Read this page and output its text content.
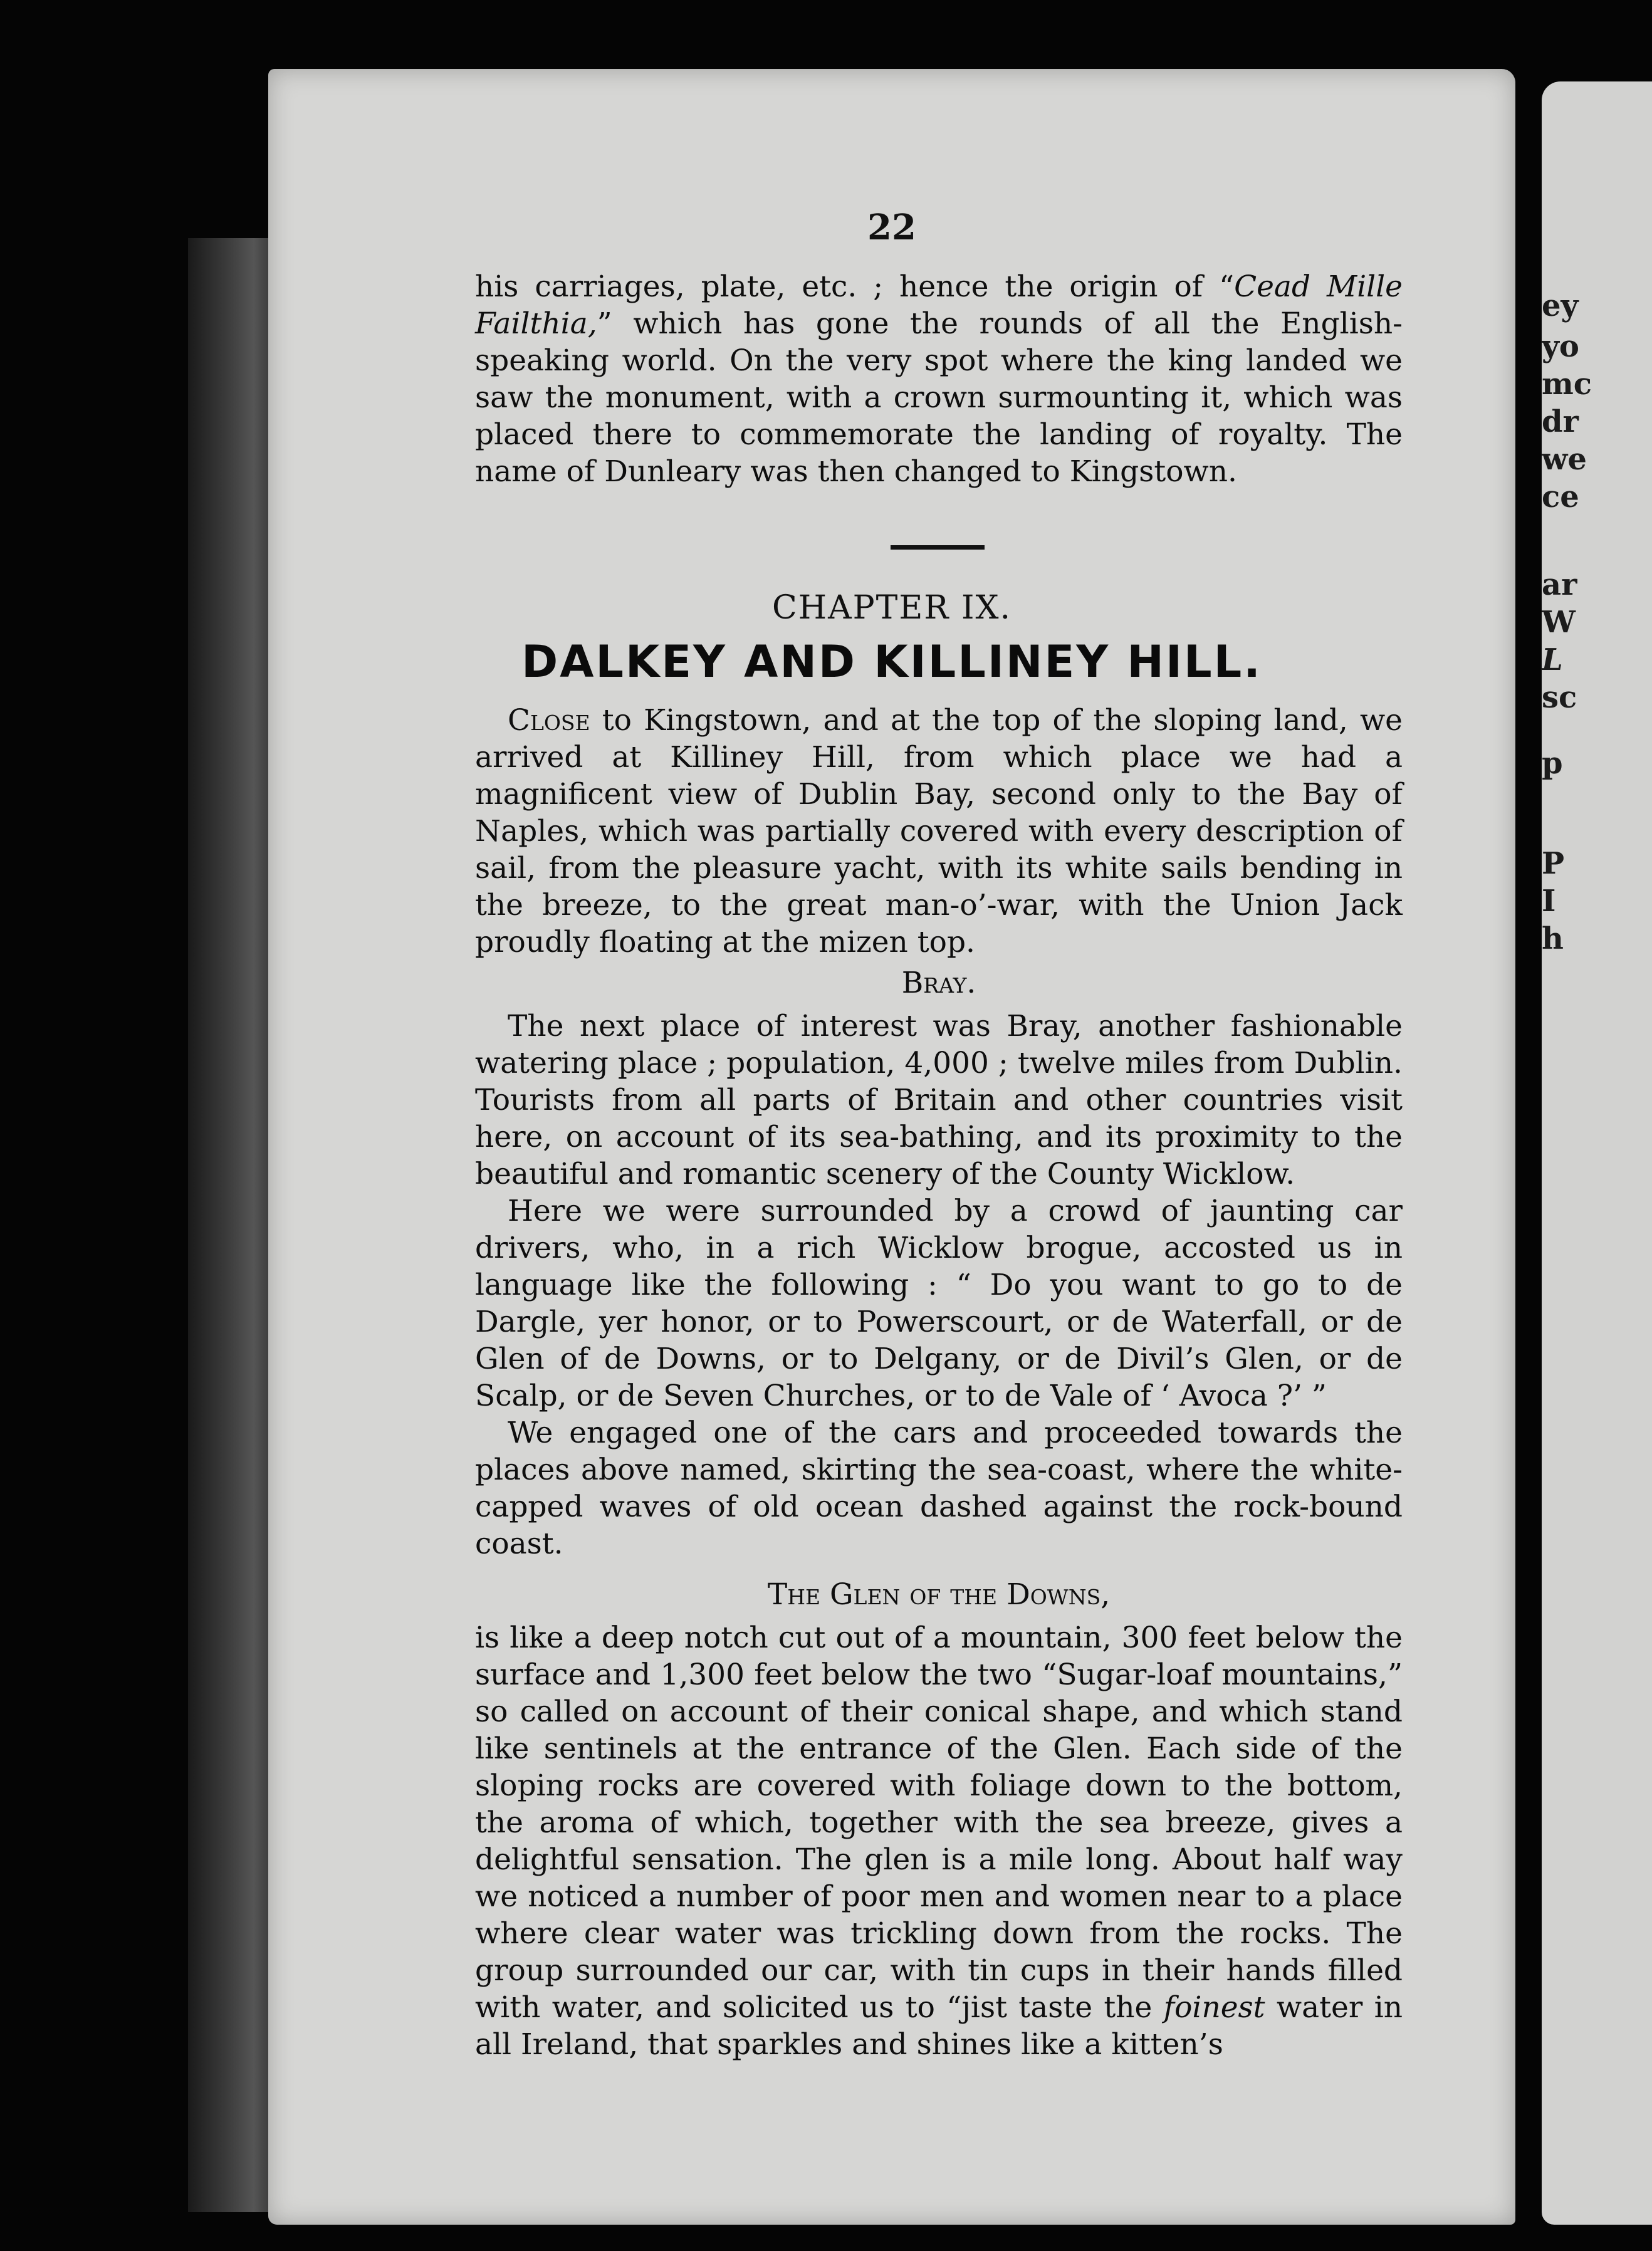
ey
yo
mc
dr
we
ce
ar
W
L
sc
p
P
I
h
22

his carriages, plate, etc. ; hence the origin of “Cead Mille Failthia,” which has gone the rounds of all the English-speaking world. On the very spot where the king landed we saw the monument, with a crown surmounting it, which was placed there to commemorate the landing of royalty. The name of Dunleary was then changed to Kingstown.

CHAPTER IX.
DALKEY AND KILLINEY HILL.

Close to Kingstown, and at the top of the sloping land, we arrived at Killiney Hill, from which place we had a magnificent view of Dublin Bay, second only to the Bay of Naples, which was partially covered with every description of sail, from the pleasure yacht, with its white sails bending in the breeze, to the great man-o’-war, with the Union Jack proudly floating at the mizen top.

Bray.

The next place of interest was Bray, another fashionable watering place ; population, 4,000 ; twelve miles from Dublin. Tourists from all parts of Britain and other countries visit here, on account of its sea-bathing, and its proximity to the beautiful and romantic scenery of the County Wicklow.

Here we were surrounded by a crowd of jaunting car drivers, who, in a rich Wicklow brogue, accosted us in language like the following : “ Do you want to go to de Dargle, yer honor, or to Powerscourt, or de Waterfall, or de Glen of de Downs, or to Delgany, or de Divil’s Glen, or de Scalp, or de Seven Churches, or to de Vale of ‘ Avoca ?’ ”

We engaged one of the cars and proceeded towards the places above named, skirting the sea-coast, where the white-capped waves of old ocean dashed against the rock-bound coast.

The Glen of the Downs,

is like a deep notch cut out of a mountain, 300 feet below the surface and 1,300 feet below the two “Sugar-loaf mountains,” so called on account of their conical shape, and which stand like sentinels at the entrance of the Glen. Each side of the sloping rocks are covered with foliage down to the bottom, the aroma of which, together with the sea breeze, gives a delightful sensation. The glen is a mile long. About half way we noticed a number of poor men and women near to a place where clear water was trickling down from the rocks. The group surrounded our car, with tin cups in their hands filled with water, and solicited us to “jist taste the foinest water in all Ireland, that sparkles and shines like a kitten’s
